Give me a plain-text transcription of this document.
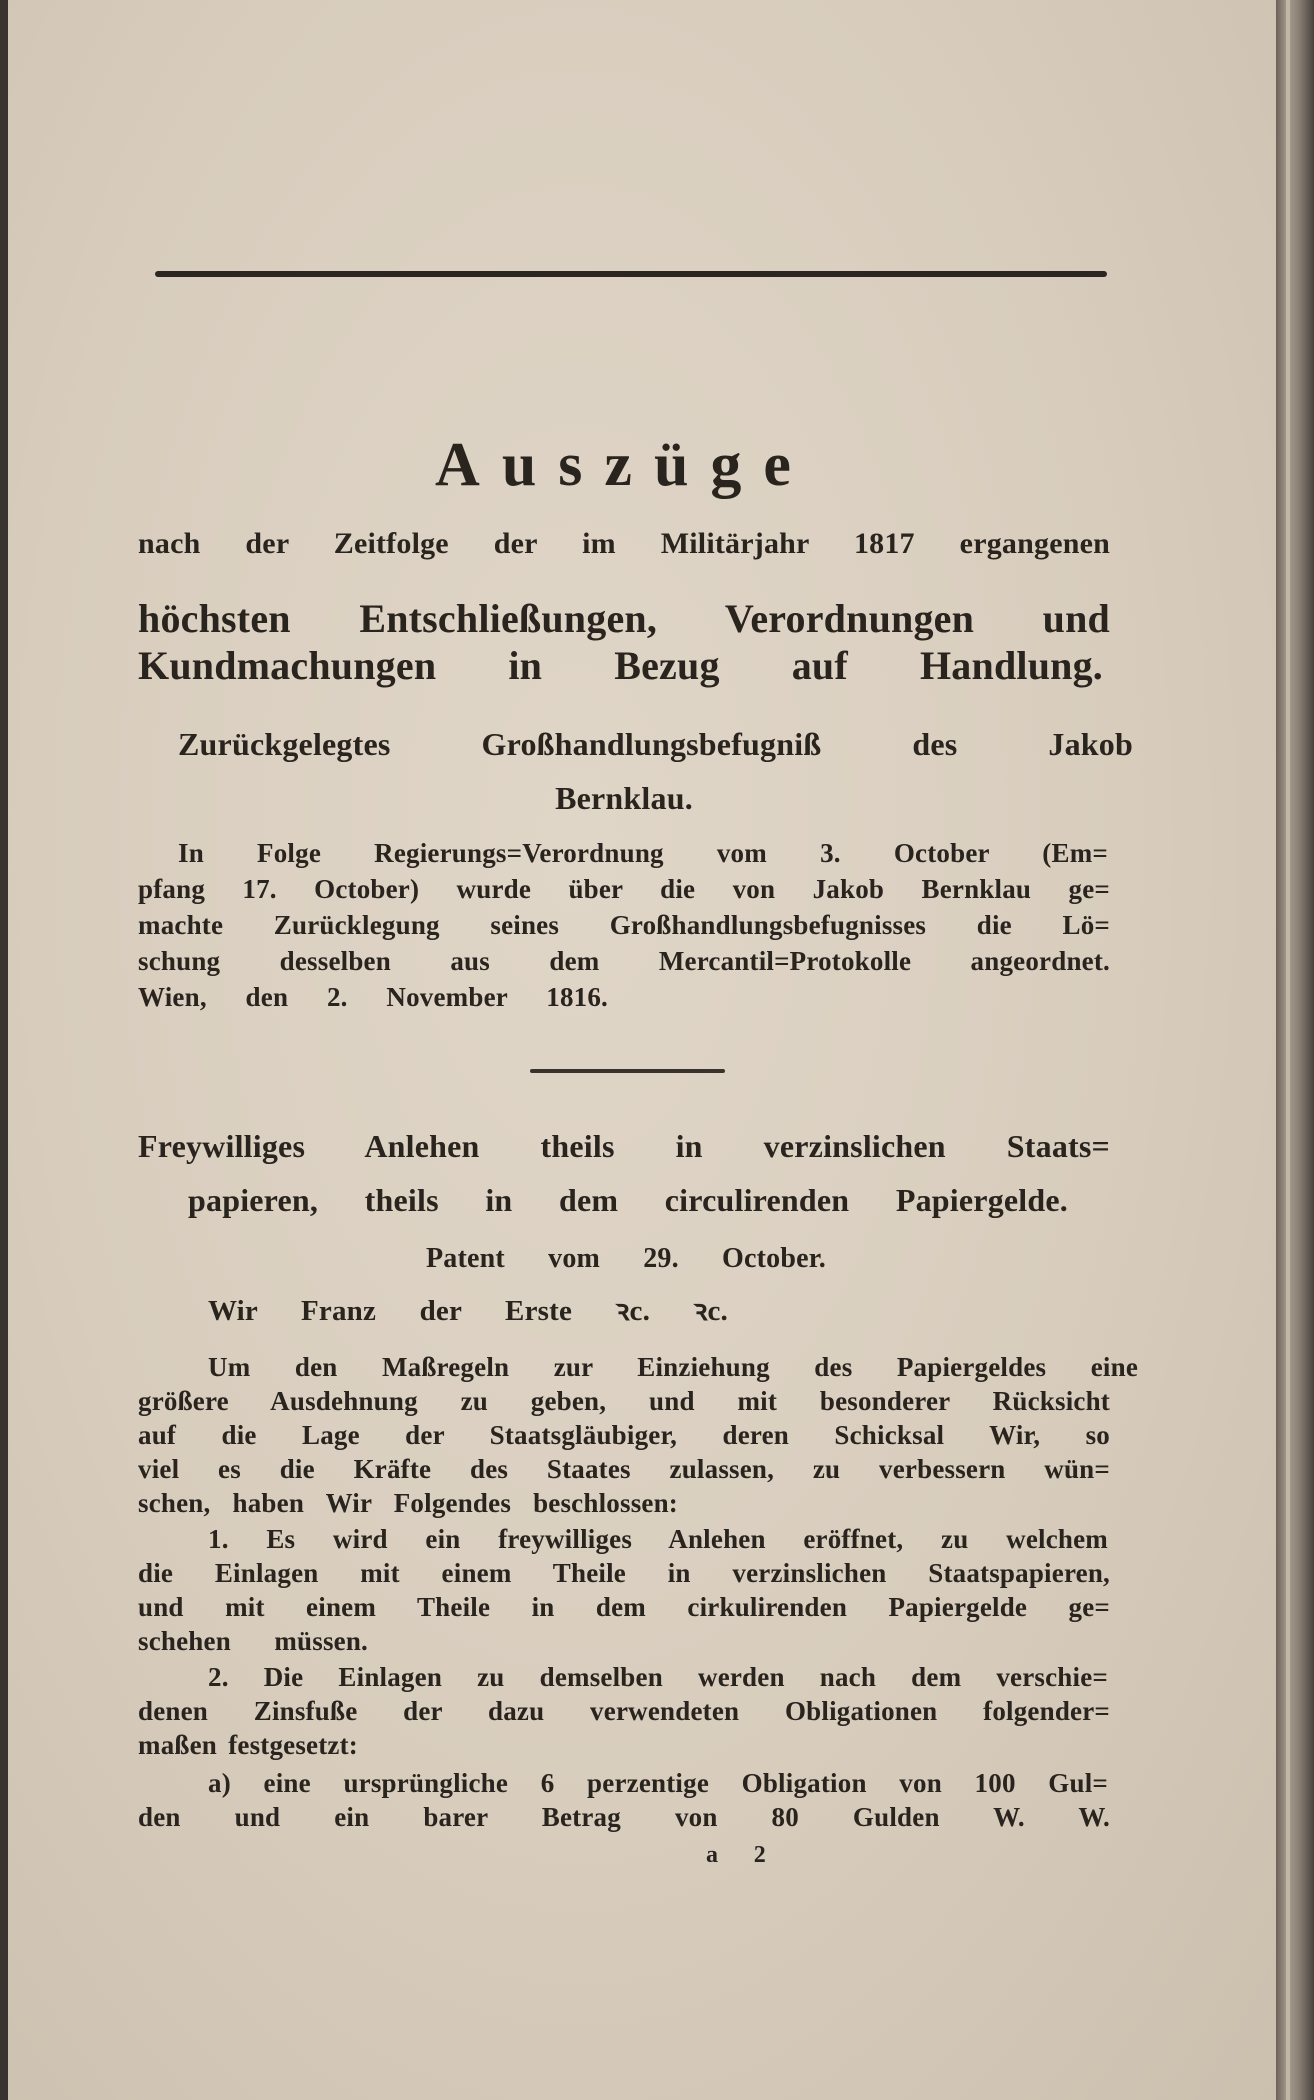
Auszüge
nach der Zeitfolge der im Militärjahr 1817 ergangenen
höchsten Entschließungen, Verordnungen und
Kundmachungen in Bezug auf Handlung.
Zurückgelegtes Großhandlungsbefugniß des Jakob
Bernklau.
In Folge Regierungs=Verordnung vom 3. October (Em=
pfang 17. October) wurde über die von Jakob Bernklau ge=
machte Zurücklegung seines Großhandlungsbefugnisses die Lö=
schung desselben aus dem Mercantil=Protokolle angeordnet.
Wien, den 2. November 1816.
Freywilliges Anlehen theils in verzinslichen Staats=
papieren, theils in dem circulirenden Papiergelde.
Patent vom 29. October.
Wir Franz der Erste ꝛc. ꝛc.
Um den Maßregeln zur Einziehung des Papiergeldes eine
größere Ausdehnung zu geben, und mit besonderer Rücksicht
auf die Lage der Staatsgläubiger, deren Schicksal Wir, so
viel es die Kräfte des Staates zulassen, zu verbessern wün=
schen, haben Wir Folgendes beschlossen:
1. Es wird ein freywilliges Anlehen eröffnet, zu welchem
die Einlagen mit einem Theile in verzinslichen Staatspapieren,
und mit einem Theile in dem cirkulirenden Papiergelde ge=
schehen müssen.
2. Die Einlagen zu demselben werden nach dem verschie=
denen Zinsfuße der dazu verwendeten Obligationen folgender=
maßen festgesetzt:
a) eine ursprüngliche 6 perzentige Obligation von 100 Gul=
den und ein barer Betrag von 80 Gulden W. W.
a 2
